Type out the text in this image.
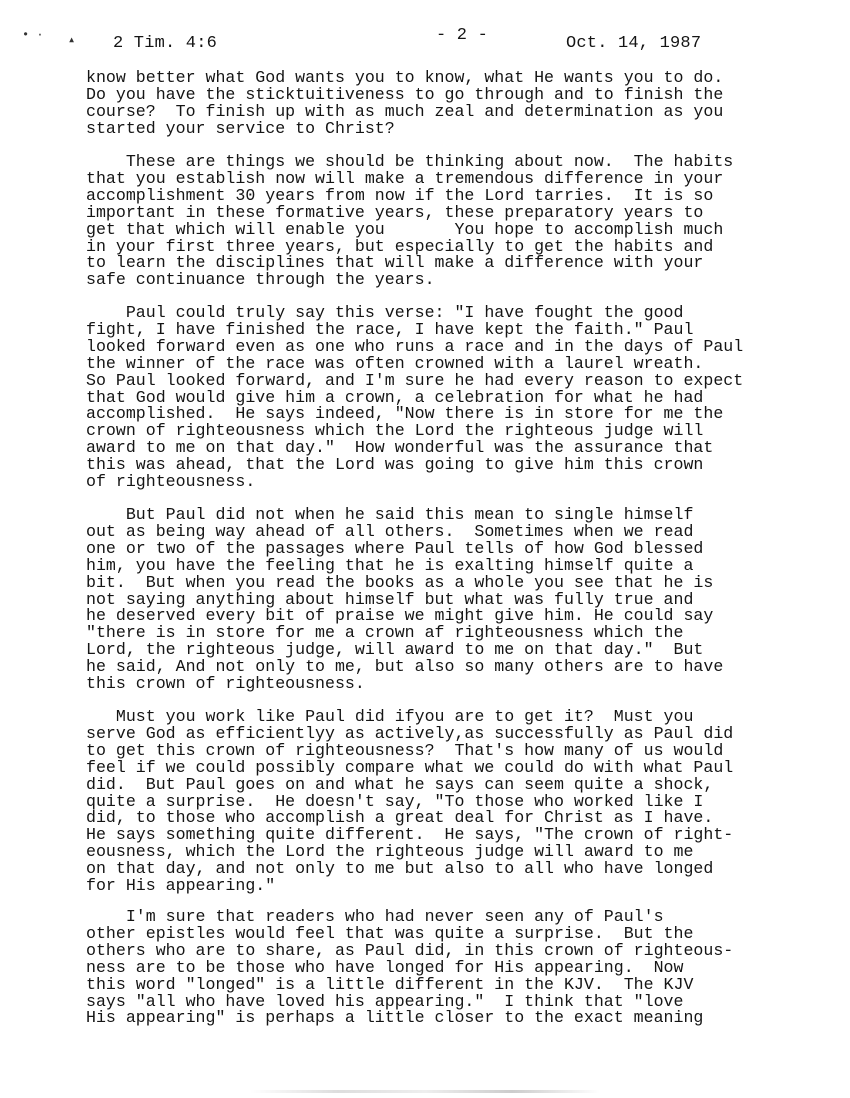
• · ▴ 2 Tim. 4:6	- 2 -	Oct. 14, 1987
know better what God wants you to know, what He wants you to do.
Do you have the sticktuitiveness to go through and to finish the
course?  To finish up with as much zeal and determination as you
started your service to Christ?
These are things we should be thinking about now.  The habits
that you establish now will make a tremendous difference in your
accomplishment 30 years from now if the Lord tarries.  It is so
important in these formative years, these preparatory years to
get that which will enable you       You hope to accomplish much
in your first three years, but especially to get the habits and
to learn the disciplines that will make a difference with your
safe continuance through the years.
Paul could truly say this verse: "I have fought the good
fight, I have finished the race, I have kept the faith." Paul
looked forward even as one who runs a race and in the days of Paul
the winner of the race was often crowned with a laurel wreath.
So Paul looked forward, and I'm sure he had every reason to expect
that God would give him a crown, a celebration for what he had
accomplished.  He says indeed, "Now there is in store for me the
crown of righteousness which the Lord the righteous judge will
award to me on that day."  How wonderful was the assurance that
this was ahead, that the Lord was going to give him this crown
of righteousness.
But Paul did not when he said this mean to single himself
out as being way ahead of all others.  Sometimes when we read
one or two of the passages where Paul tells of how God blessed
him, you have the feeling that he is exalting himself quite a
bit.  But when you read the books as a whole you see that he is
not saying anything about himself but what was fully true and
he deserved every bit of praise we might give him. He could say
"there is in store for me a crown af righteousness which the
Lord, the righteous judge, will award to me on that day."  But
he said, And not only to me, but also so many others are to have
this crown of righteousness.
Must you work like Paul did ifyou are to get it?  Must you
serve God as efficientlyy as actively,as successfully as Paul did
to get this crown of righteousness?  That's how many of us would
feel if we could possibly compare what we could do with what Paul
did.  But Paul goes on and what he says can seem quite a shock,
quite a surprise.  He doesn't say, "To those who worked like I
did, to those who accomplish a great deal for Christ as I have.
He says something quite different.  He says, "The crown of right-
eousness, which the Lord the righteous judge will award to me
on that day, and not only to me but also to all who have longed
for His appearing."
I'm sure that readers who had never seen any of Paul's
other epistles would feel that was quite a surprise.  But the
others who are to share, as Paul did, in this crown of righteous-
ness are to be those who have longed for His appearing.  Now
this word "longed" is a little different in the KJV.  The KJV
says "all who have loved his appearing."  I think that "love
His appearing" is perhaps a little closer to the exact meaning
